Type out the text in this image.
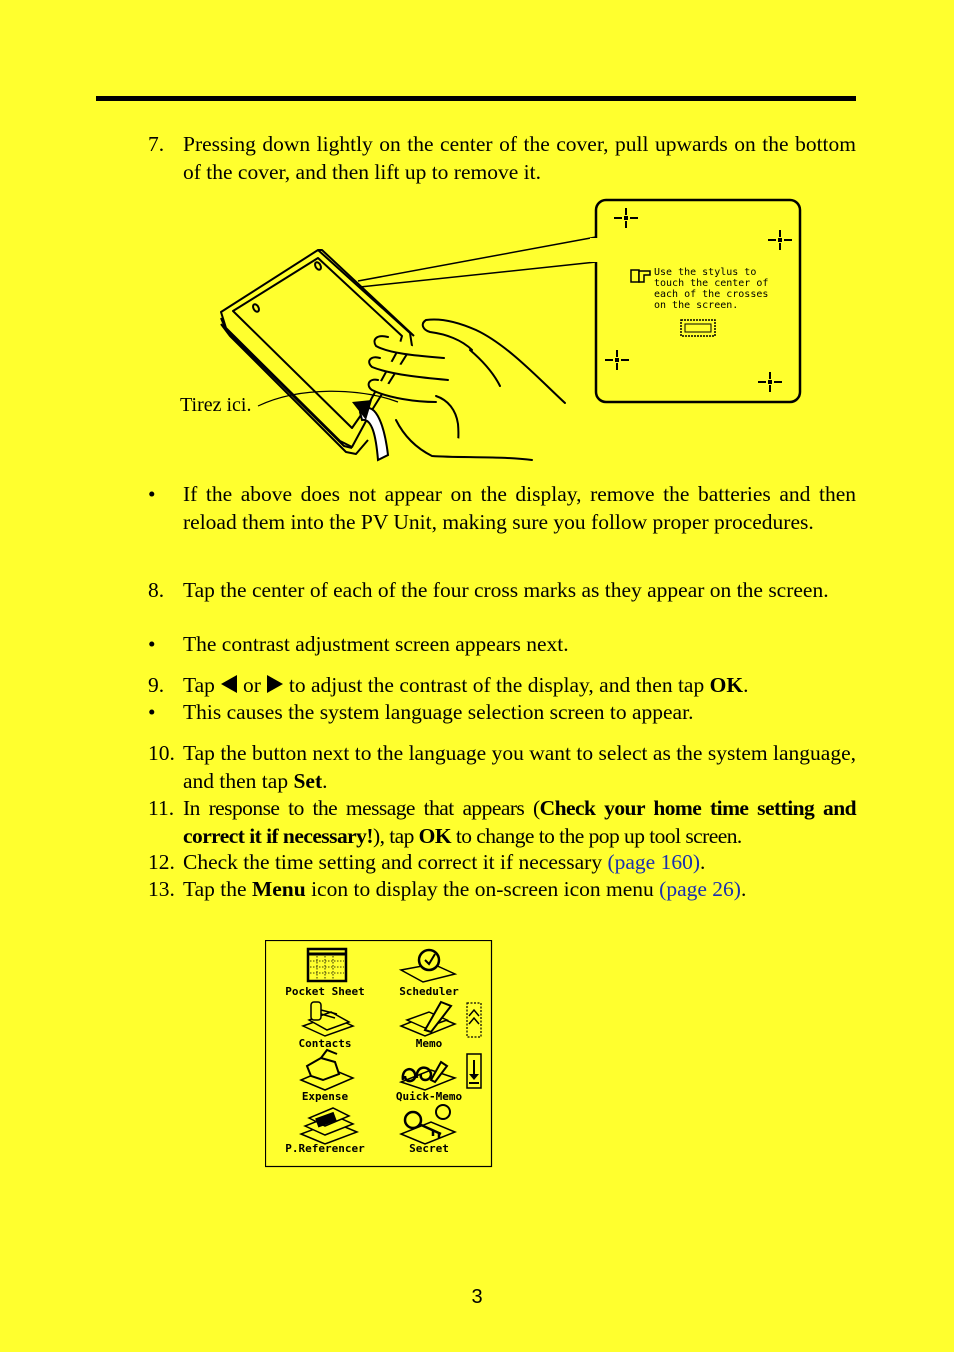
7. Pressing down lightly on the center of the cover, pull upwards on the bottom of the cover, and then lift up to remove it.
Use the stylus to
touch the center of
each of the crosses
on the screen.
Tirez ici.
• If the above does not appear on the display, remove the batteries and then reload them into the PV Unit, making sure you follow proper procedures.
8. Tap the center of each of the four cross marks as they appear on the screen.
• The contrast adjustment screen appears next.
9. Tap or to adjust the contrast of the display, and then tap OK.
• This causes the system language selection screen to appear.
10. Tap the button next to the language you want to select as the system language, and then tap Set.
11. In response to the message that appears (Check your home time setting and correct it if necessary!), tap OK to change to the pop up tool screen.
12. Check the time setting and correct it if necessary (page 160).
13. Tap the Menu icon to display the on-screen icon menu (page 26).
Pocket Sheet	Scheduler
Contacts	Memo
Expense	Quick-Memo
P.Referencer	Secret
3
